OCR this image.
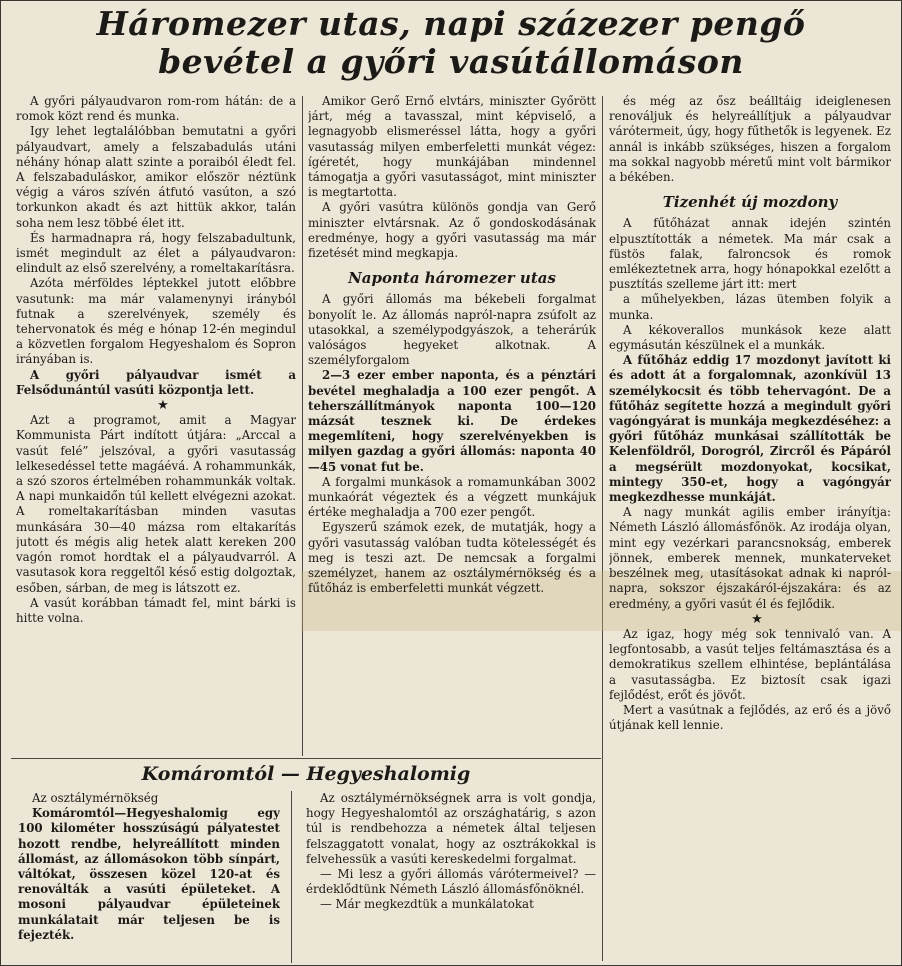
Háromezer utas, napi százezer pengő
bevétel a győri vasútállomáson

A győri pályaudvaron rom-rom hátán: de a romok közt rend és munka.

Igy lehet legtalálóbban bemutatni a győri pályaudvart, amely a felszabadulás utáni néhány hónap alatt szinte a poraiból éledt fel. A felszabaduláskor, amikor először néztünk végig a város szívén átfutó vasúton, a szó torkunkon akadt és azt hittük akkor, talán soha nem lesz többé élet itt.

És harmadnapra rá, hogy felszabadultunk, ismét megindult az élet a pályaudvaron: elindult az első szerelvény, a romeltakarításra.

Azóta mérföldes léptekkel jutott előbbre vasutunk: ma már valamenynyi irányból futnak a szerelvények, személy és tehervonatok és még e hónap 12-én megindul a közvetlen forgalom Hegyeshalom és Sopron irányában is.

A győri pályaudvar ismét a Felsődunántúl vasúti központja lett.

★

Azt a programot, amit a Magyar Kommunista Párt indított útjára: „Arccal a vasút felé” jelszóval, a győri vasutasság lelkesedéssel tette magáévá. A rohammunkák, a szó szoros értelmében rohammunkák voltak. A napi munkaidőn túl kellett elvégezni azokat. A romeltakarításban minden vasutas munkására 30—40 mázsa rom eltakarítás jutott és mégis alig hetek alatt kereken 200 vagón romot hordtak el a pályaudvarról. A vasutasok kora reggeltől késő estig dolgoztak, esőben, sárban, de meg is látszott ez.

A vasút korábban támadt fel, mint bárki is hitte volna.

Amikor Gerő Ernő elvtárs, miniszter Győrött járt, még a tavasszal, mint képviselő, a legnagyobb elismeréssel látta, hogy a győri vasutasság milyen emberfeletti munkát végez: ígéretét, hogy munkájában mindennel támogatja a győri vasutasságot, mint miniszter is megtartotta.

A győri vasútra különös gondja van Gerő miniszter elvtársnak. Az ő gondoskodásának eredménye, hogy a győri vasutasság ma már fizetését mind megkapja.

Naponta háromezer utas

A győri állomás ma békebeli forgalmat bonyolít le. Az állomás napról-napra zsúfolt az utasokkal, a személypodgyászok, a teherárúk valóságos hegyeket alkotnak. A személyforgalom

2—3 ezer ember naponta, és a pénztári bevétel meghaladja a 100 ezer pengőt. A teherszállítmányok naponta 100—120 mázsát tesznek ki. De érdekes megemlíteni, hogy szerelvényekben is milyen gazdag a győri állomás: naponta 40—45 vonat fut be.

A forgalmi munkások a romamunkában 3002 munkaórát végeztek és a végzett munkájuk értéke meghaladja a 700 ezer pengőt.

Egyszerű számok ezek, de mutatják, hogy a győri vasutasság valóban tudta kötelességét és meg is teszi azt. De nemcsak a forgalmi személyzet, hanem az osztálymérnökség és a fűtőház is emberfeletti munkát végzett.

és még az ősz beálltáig ideiglenesen renováljuk és helyreállítjuk a pályaudvar várótermeit, úgy, hogy fűthetők is legyenek. Ez annál is inkább szükséges, hiszen a forgalom ma sokkal nagyobb méretű mint volt bármikor a békében.

Tizenhét új mozdony

A fűtőházat annak idején szintén elpusztították a németek. Ma már csak a füstös falak, falroncsok és romok emlékeztetnek arra, hogy hónapokkal ezelőtt a pusztítás szelleme járt itt: mert

a műhelyekben, lázas ütemben folyik a munka.

A kékoverallos munkások keze alatt egymásután készülnek el a munkák.

A fűtőház eddig 17 mozdonyt javított ki és adott át a forgalomnak, azonkívül 13 személykocsit és több tehervagónt. De a fűtőház segítette hozzá a megindult győri vagóngyárat is munkája megkezdéséhez: a győri fűtőház munkásai szállították be Kelenföldről, Dorogról, Zircről és Pápáról a megsérült mozdonyokat, kocsikat, mintegy 350-et, hogy a vagóngyár megkezdhesse munkáját.

A nagy munkát agilis ember irányítja: Németh László állomásfőnök. Az irodája olyan, mint egy vezérkari parancsnokság, emberek jönnek, emberek mennek, munkaterveket beszélnek meg, utasításokat adnak ki napról-napra, sokszor éjszakáról-éjszakára: és az eredmény, a győri vasút él és fejlődik.

★

Az igaz, hogy még sok tennivaló van. A legfontosabb, a vasút teljes feltámasztása és a demokratikus szellem elhintése, beplántálása a vasutasságba. Ez biztosít csak igazi fejlődést, erőt és jövőt.

Mert a vasútnak a fejlődés, az erő és a jövő útjának kell lennie.

Komáromtól — Hegyeshalomig

Az osztálymérnökség

Komáromtól—Hegyeshalomig egy 100 kilométer hosszúságú pályatestet hozott rendbe, helyreállított minden állomást, az állomásokon több sínpárt, váltókat, összesen közel 120-at és renoválták a vasúti épületeket. A mosoni pályaudvar épületeinek munkálatait már teljesen be is fejezték.

Az osztálymérnökségnek arra is volt gondja, hogy Hegyeshalomtól az országhatárig, s azon túl is rendbehozza a németek által teljesen felszaggatott vonalat, hogy az osztrákokkal is felvehessük a vasúti kereskedelmi forgalmat.

— Mi lesz a győri állomás várótermeivel? — érdeklődtünk Németh László állomásfőnöknél.

— Már megkezdtük a munkálatokat
